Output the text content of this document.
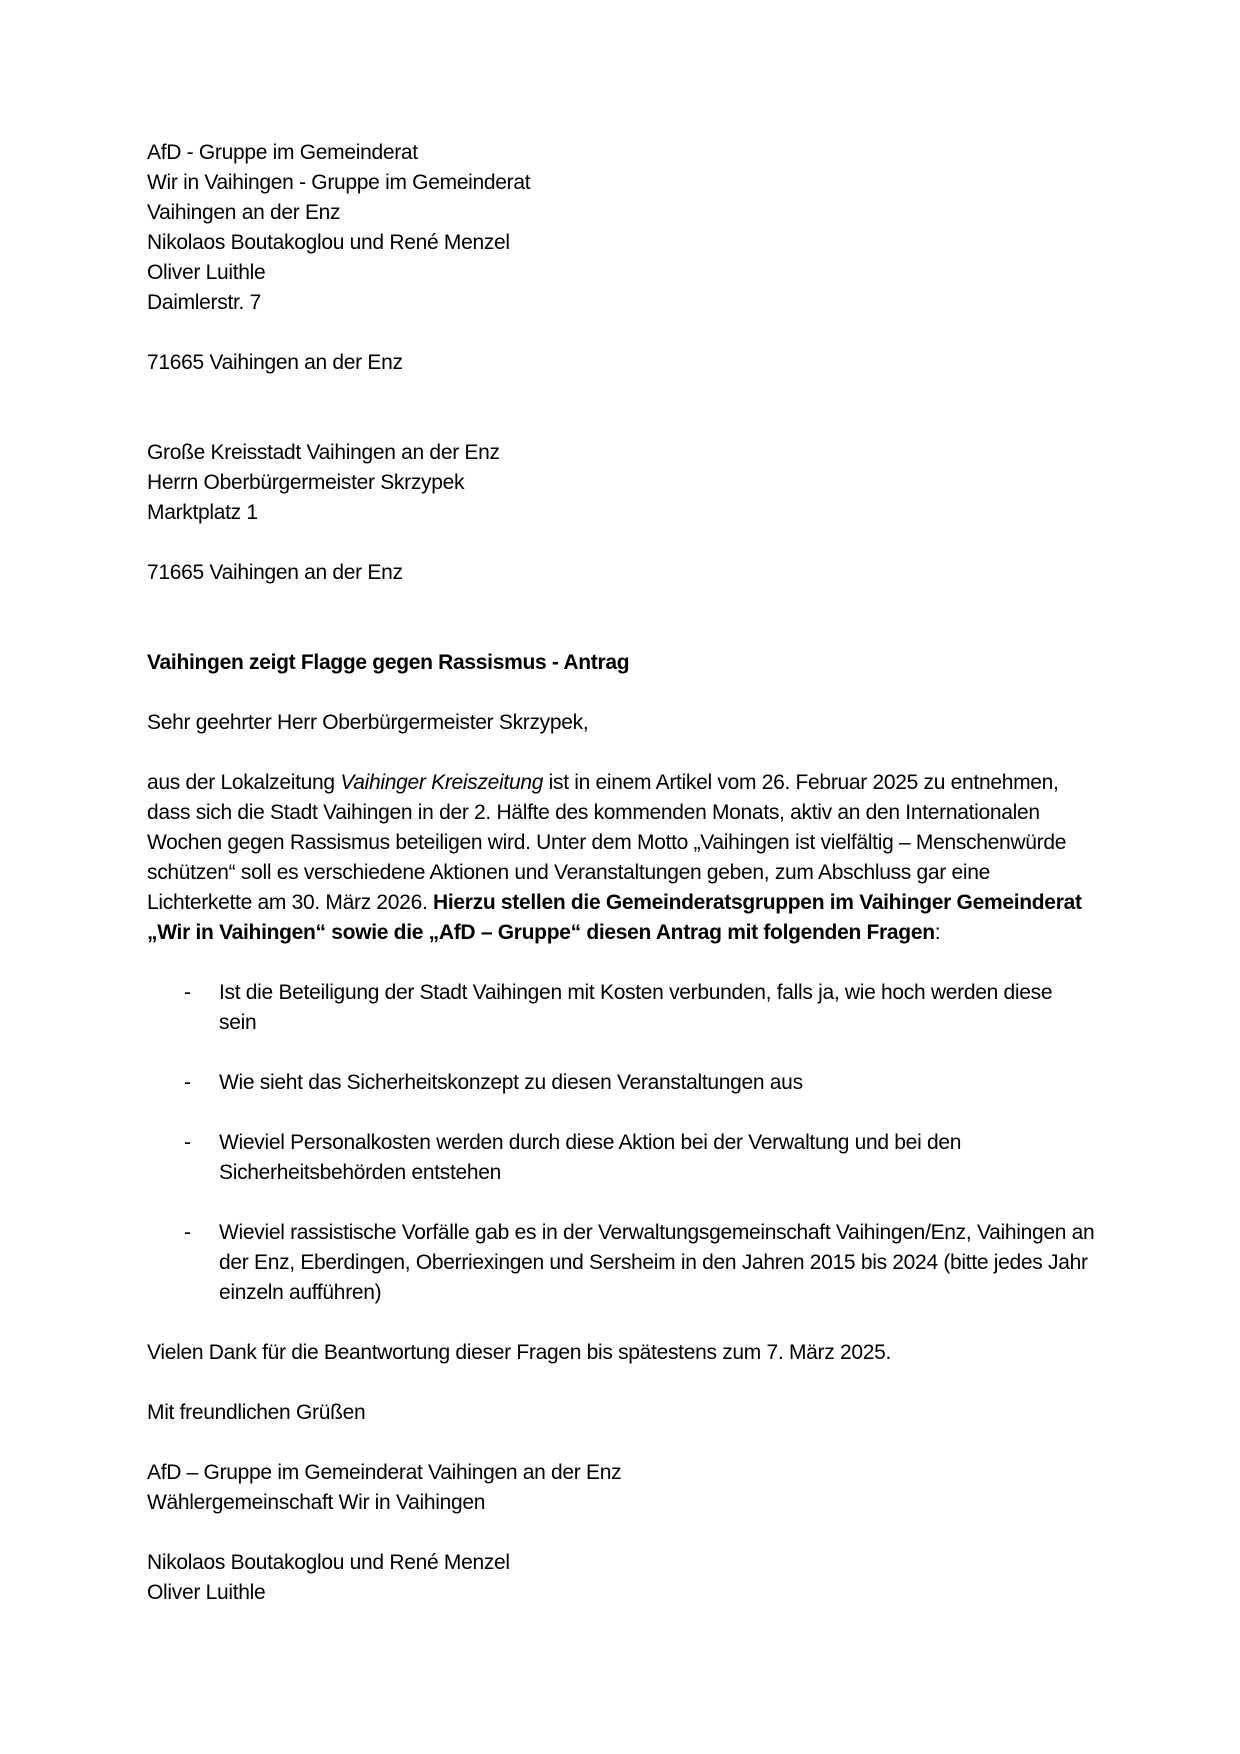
AfD - Gruppe im Gemeinderat
Wir in Vaihingen - Gruppe im Gemeinderat
Vaihingen an der Enz
Nikolaos Boutakoglou und René Menzel
Oliver Luithle
Daimlerstr. 7
71665 Vaihingen an der Enz
Große Kreisstadt Vaihingen an der Enz
Herrn Oberbürgermeister Skrzypek
Marktplatz 1
71665 Vaihingen an der Enz
Vaihingen zeigt Flagge gegen Rassismus - Antrag
Sehr geehrter Herr Oberbürgermeister Skrzypek,
aus der Lokalzeitung Vaihinger Kreiszeitung ist in einem Artikel vom 26. Februar 2025 zu entnehmen, dass sich die Stadt Vaihingen in der 2. Hälfte des kommenden Monats, aktiv an den Internationalen Wochen gegen Rassismus beteiligen wird. Unter dem Motto „Vaihingen ist vielfältig – Menschenwürde schützen“ soll es verschiedene Aktionen und Veranstaltungen geben, zum Abschluss gar eine Lichterkette am 30. März 2026. Hierzu stellen die Gemeinderatsgruppen im Vaihinger Gemeinderat „Wir in Vaihingen“ sowie die „AfD – Gruppe“ diesen Antrag mit folgenden Fragen:
-	Ist die Beteiligung der Stadt Vaihingen mit Kosten verbunden, falls ja, wie hoch werden diese sein
-	Wie sieht das Sicherheitskonzept zu diesen Veranstaltungen aus
-	Wieviel Personalkosten werden durch diese Aktion bei der Verwaltung und bei den Sicherheitsbehörden entstehen
-	Wieviel rassistische Vorfälle gab es in der Verwaltungsgemeinschaft Vaihingen/Enz, Vaihingen an der Enz, Eberdingen, Oberriexingen und Sersheim in den Jahren 2015 bis 2024 (bitte jedes Jahr einzeln aufführen)
Vielen Dank für die Beantwortung dieser Fragen bis spätestens zum 7. März 2025.
Mit freundlichen Grüßen
AfD – Gruppe im Gemeinderat Vaihingen an der Enz
Wählergemeinschaft Wir in Vaihingen
Nikolaos Boutakoglou und René Menzel
Oliver Luithle
